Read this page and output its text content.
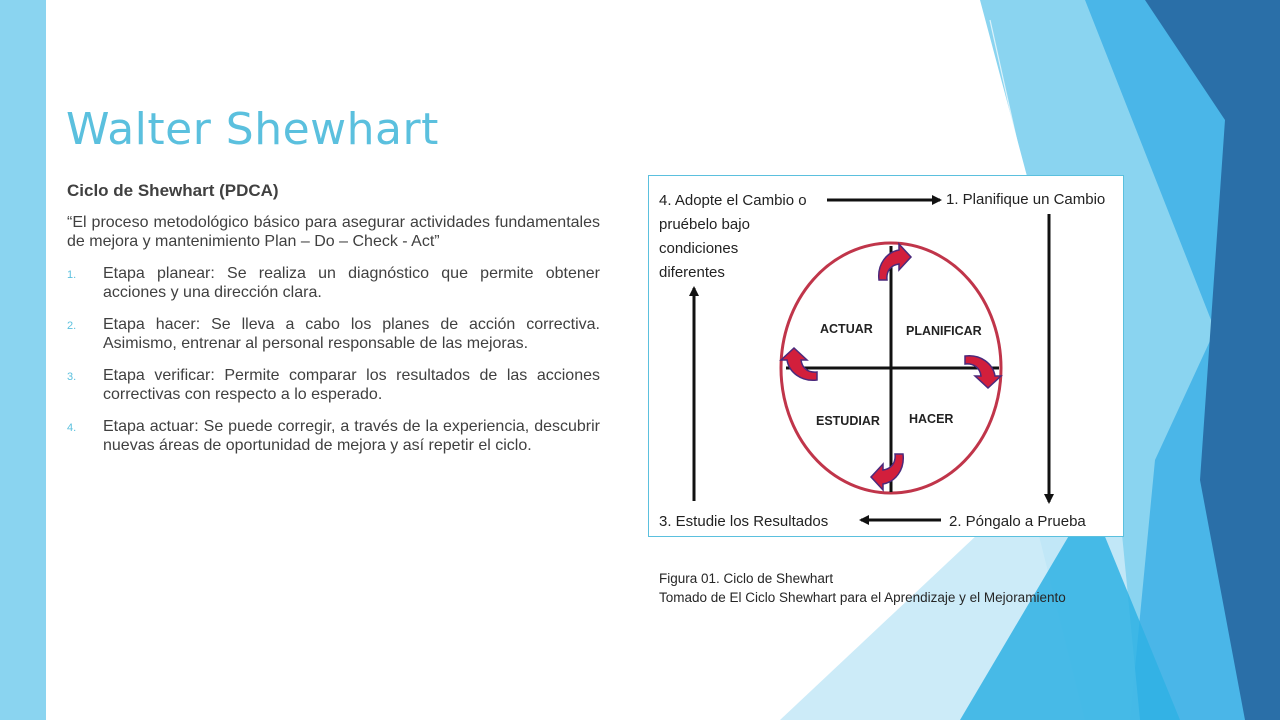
Walter Shewhart
Ciclo de Shewhart (PDCA)
“El proceso metodológico básico para asegurar actividades fundamentales de mejora y mantenimiento Plan – Do – Check - Act”
1. Etapa planear: Se realiza un diagnóstico que permite obtener acciones y una dirección clara.
2. Etapa hacer: Se lleva a cabo los planes de acción correctiva. Asimismo, entrenar al personal responsable de las mejoras.
3. Etapa verificar: Permite comparar los resultados de las acciones correctivas con respecto a lo esperado.
4. Etapa actuar: Se puede corregir, a través de la experiencia, descubrir nuevas áreas de oportunidad de mejora y así repetir el ciclo.
4. Adopte el Cambio o pruébelo bajo condiciones diferentes
1. Planifique un Cambio
3. Estudie los Resultados	2. Póngalo a Prueba
ACTUAR	PLANIFICAR
ESTUDIAR HACER
Figura 01. Ciclo de Shewhart
Tomado de El Ciclo Shewhart para el Aprendizaje y el Mejoramiento
